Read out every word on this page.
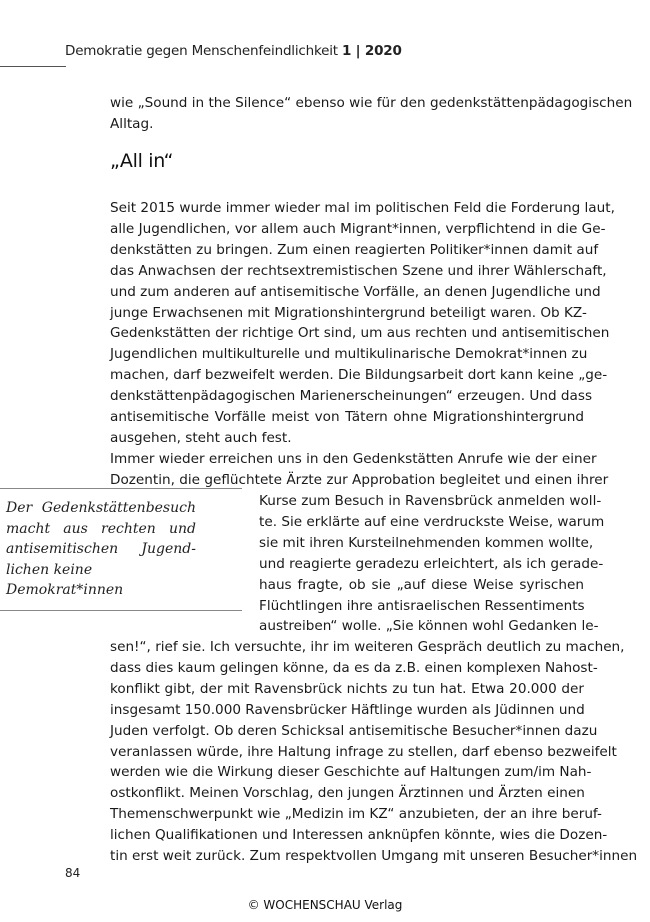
Demokratie gegen Menschenfeindlichkeit 1 | 2020
wie „Sound in the Silence“ ebenso wie für den gedenkstättenpädagogischen
Alltag.
„All in“
Seit 2015 wurde immer wieder mal im politischen Feld die Forderung laut,
alle Jugendlichen, vor allem auch Migrant*innen, verpflichtend in die Ge-
denkstätten zu bringen. Zum einen reagierten Politiker*innen damit auf
das Anwachsen der rechtsextremistischen Szene und ihrer Wählerschaft,
und zum anderen auf antisemitische Vorfälle, an denen Jugendliche und
junge Erwachsenen mit Migrationshintergrund beteiligt waren. Ob KZ-
Gedenkstätten der richtige Ort sind, um aus rechten und antisemitischen
Jugendlichen multikulturelle und multikulinarische Demokrat*innen zu
machen, darf bezweifelt werden. Die Bildungsarbeit dort kann keine „ge-
denkstättenpädagogischen Marienerscheinungen“ erzeugen. Und dass
antisemitische Vorfälle meist von Tätern ohne Migrationshintergrund
ausgehen, steht auch fest.
Immer wieder erreichen uns in den Gedenkstätten Anrufe wie der einer
Dozentin, die geflüchtete Ärzte zur Approbation begleitet und einen ihrer
Kurse zum Besuch in Ravensbrück anmelden woll-
te. Sie erklärte auf eine verdruckste Weise, warum
sie mit ihren Kursteilnehmenden kommen wollte,
und reagierte geradezu erleichtert, als ich gerade-
haus fragte, ob sie „auf diese Weise syrischen
Flüchtlingen ihre antisraelischen Ressentiments
austreiben“ wolle. „Sie können wohl Gedanken le-
sen!“, rief sie. Ich versuchte, ihr im weiteren Gespräch deutlich zu machen,
dass dies kaum gelingen könne, da es da z.B. einen komplexen Nahost-
konflikt gibt, der mit Ravensbrück nichts zu tun hat. Etwa 20.000 der
insgesamt 150.000 Ravensbrücker Häftlinge wurden als Jüdinnen und
Juden verfolgt. Ob deren Schicksal antisemitische Besucher*innen dazu
veranlassen würde, ihre Haltung infrage zu stellen, darf ebenso bezweifelt
werden wie die Wirkung dieser Geschichte auf Haltungen zum/im Nah-
ostkonflikt. Meinen Vorschlag, den jungen Ärztinnen und Ärzten einen
Themenschwerpunkt wie „Medizin im KZ“ anzubieten, der an ihre beruf-
lichen Qualifikationen und Interessen anknüpfen könnte, wies die Dozen-
tin erst weit zurück. Zum respektvollen Umgang mit unseren Besucher*innen
Der Gedenkstättenbesuch
macht aus rechten und
antisemitischen Jugend-
lichen keine
Demokrat*innen
84
© WOCHENSCHAU Verlag
